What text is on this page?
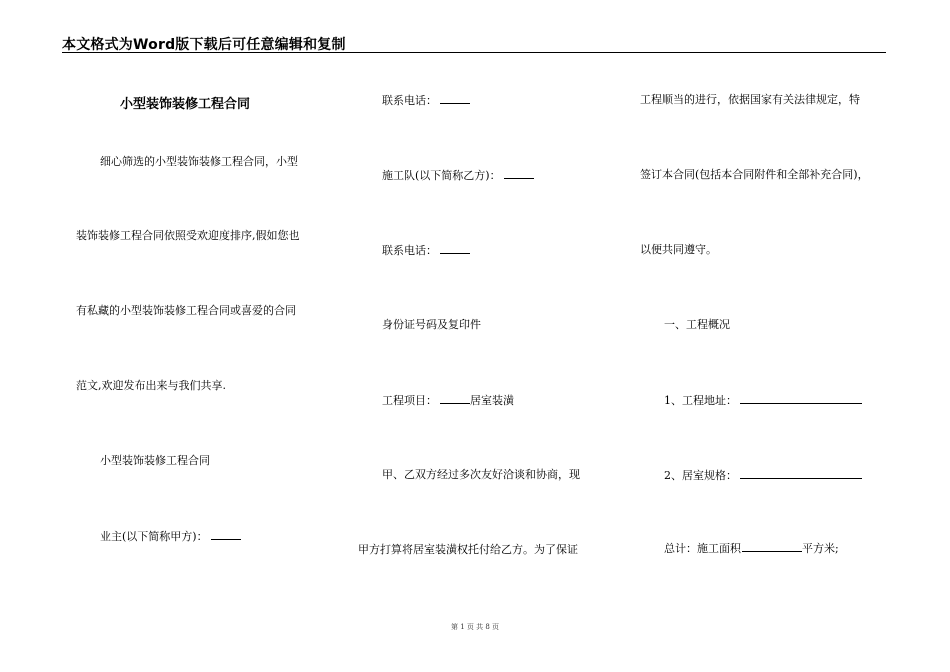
本文格式为Word版下载后可任意编辑和复制
小型装饰装修工程合同
细心筛选的小型装饰装修工程合同，小型
装饰装修工程合同依照受欢迎度排序,假如您也
有私藏的小型装饰装修工程合同或喜爱的合同
范文,欢迎发布出来与我们共享.
小型装饰装修工程合同
业主(以下简称甲方)：
联系电话：
施工队(以下简称乙方)：
联系电话：
身份证号码及复印件
工程项目：	居室装潢
甲、乙双方经过多次友好洽谈和协商，现
甲方打算将居室装潢权托付给乙方。为了保证
工程顺当的进行，依据国家有关法律规定，特
签订本合同(包括本合同附件和全部补充合同)，
以便共同遵守。
一、工程概况
1、工程地址：
2、居室规格：
总计：施工面积	平方米;
第 1 页 共 8 页
